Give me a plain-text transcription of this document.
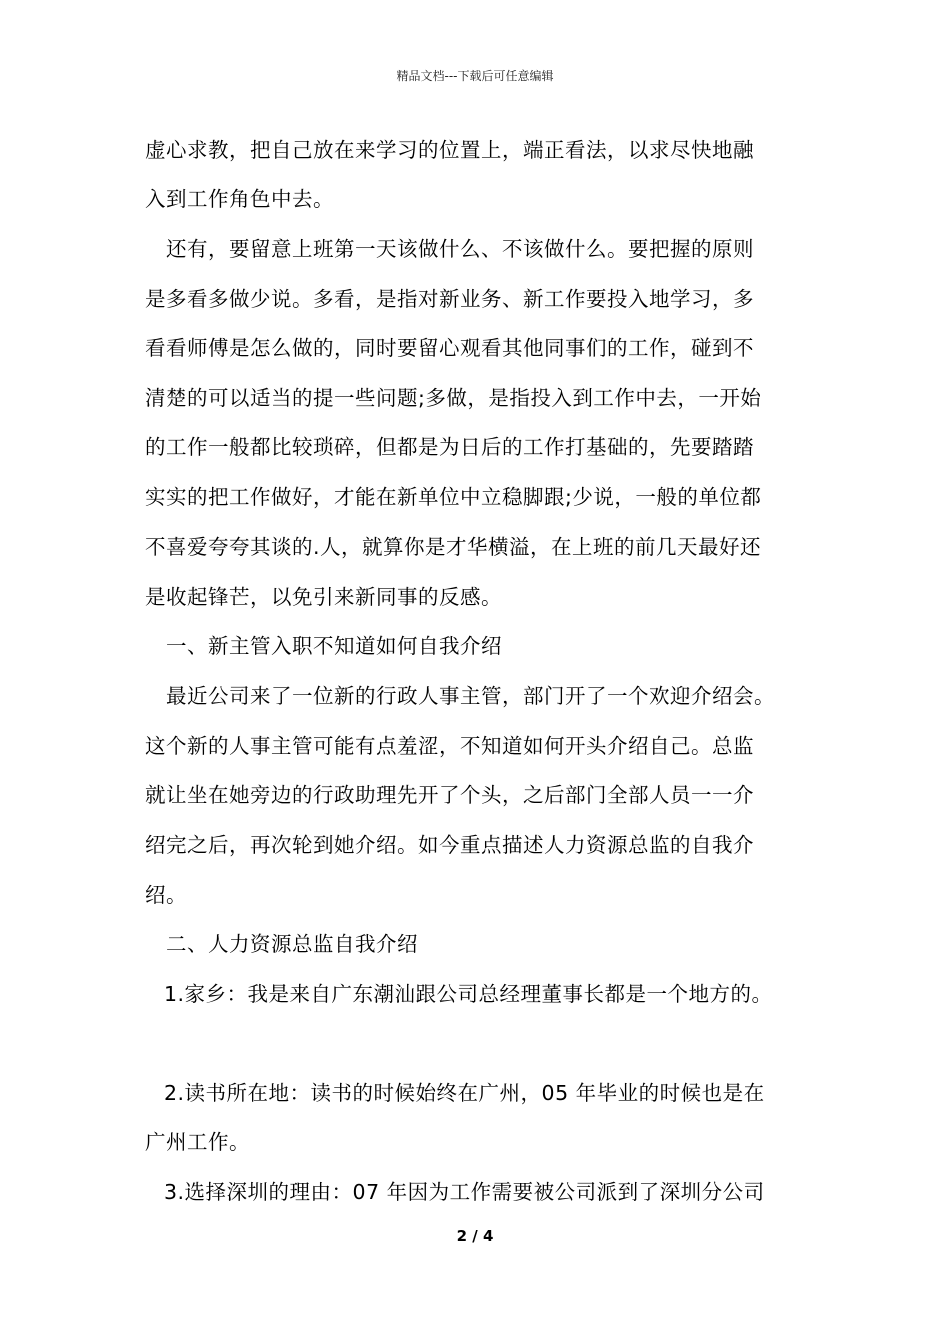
精品文档---下载后可任意编辑
虚心求教，把自己放在来学习的位置上，端正看法，以求尽快地融
入到工作角色中去。
还有，要留意上班第一天该做什么、不该做什么。要把握的原则
是多看多做少说。多看，是指对新业务、新工作要投入地学习，多
看看师傅是怎么做的，同时要留心观看其他同事们的工作，碰到不
清楚的可以适当的提一些问题;多做，是指投入到工作中去，一开始
的工作一般都比较琐碎，但都是为日后的工作打基础的，先要踏踏
实实的把工作做好，才能在新单位中立稳脚跟;少说，一般的单位都
不喜爱夸夸其谈的.人，就算你是才华横溢，在上班的前几天最好还
是收起锋芒，以免引来新同事的反感。
一、新主管入职不知道如何自我介绍
最近公司来了一位新的行政人事主管，部门开了一个欢迎介绍会。
这个新的人事主管可能有点羞涩，不知道如何开头介绍自己。总监
就让坐在她旁边的行政助理先开了个头，之后部门全部人员一一介
绍完之后，再次轮到她介绍。如今重点描述人力资源总监的自我介
绍。
二、人力资源总监自我介绍
1.家乡：我是来自广东潮汕跟公司总经理董事长都是一个地方的。
2.读书所在地：读书的时候始终在广州，05 年毕业的时候也是在
广州工作。
3.选择深圳的理由：07 年因为工作需要被公司派到了深圳分公司
2 / 4
